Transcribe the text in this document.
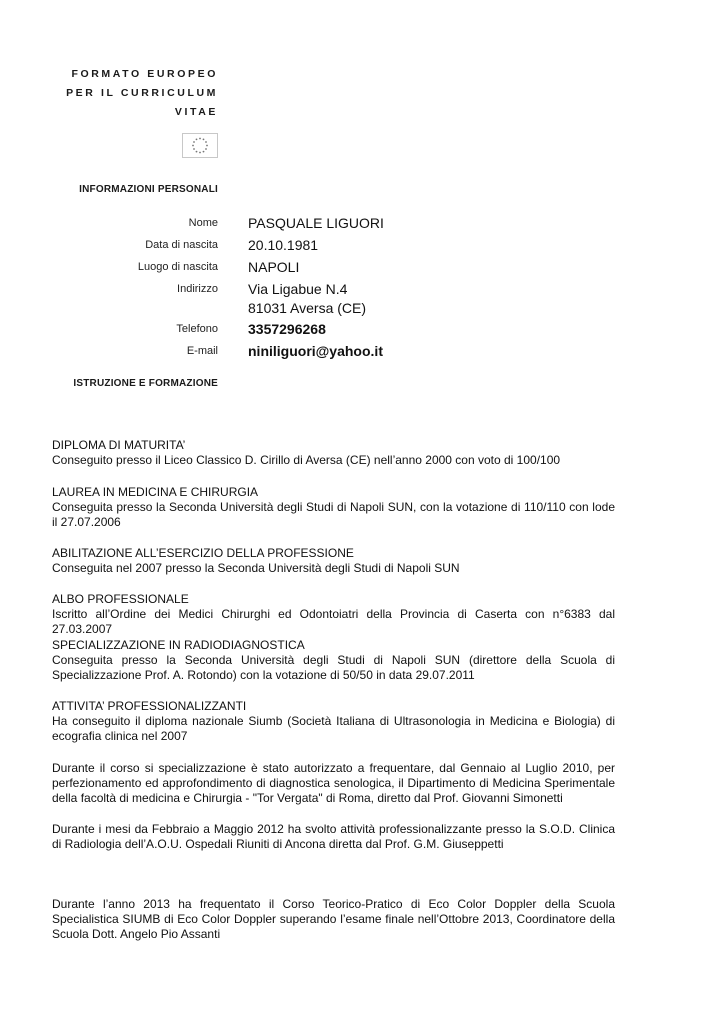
FORMATO EUROPEO
PER IL CURRICULUM
VITAE
INFORMAZIONI PERSONALI
Nome PASQUALE LIGUORI
Data di nascita 20.10.1981
Luogo di nascita NAPOLI
Indirizzo Via Ligabue N.4
81031 Aversa (CE)
Telefono 3357296268
E-mail niniliguori@yahoo.it
ISTRUZIONE E FORMAZIONE
DIPLOMA DI MATURITA’
Conseguito presso il Liceo Classico D. Cirillo di Aversa (CE) nell’anno 2000 con voto di 100/100
LAUREA IN MEDICINA E CHIRURGIA
Conseguita presso la Seconda Università degli Studi di Napoli SUN, con la votazione di 110/110 con lode il 27.07.2006
ABILITAZIONE ALL’ESERCIZIO DELLA PROFESSIONE
Conseguita nel 2007 presso la Seconda Università degli Studi di Napoli SUN
ALBO PROFESSIONALE
Iscritto all’Ordine dei Medici Chirurghi ed Odontoiatri della Provincia di Caserta con n°6383 dal 27.03.2007
SPECIALIZZAZIONE IN RADIODIAGNOSTICA
Conseguita presso la Seconda Università degli Studi di Napoli SUN (direttore della Scuola di Specializzazione Prof. A. Rotondo) con la votazione di 50/50 in data 29.07.2011
ATTIVITA’ PROFESSIONALIZZANTI
Ha conseguito il diploma nazionale Siumb (Società Italiana di Ultrasonologia in Medicina e Biologia) di ecografia clinica nel 2007
Durante il corso si specializzazione è stato autorizzato a frequentare, dal Gennaio al Luglio 2010, per perfezionamento ed approfondimento di diagnostica senologica, il Dipartimento di Medicina Sperimentale della facoltà di medicina e Chirurgia - "Tor Vergata" di Roma, diretto dal Prof. Giovanni Simonetti
Durante i mesi da Febbraio a Maggio 2012 ha svolto attività professionalizzante presso la S.O.D. Clinica di Radiologia dell’A.O.U. Ospedali Riuniti di Ancona diretta dal Prof. G.M. Giuseppetti
Durante l’anno 2013 ha frequentato il Corso Teorico-Pratico di Eco Color Doppler della Scuola Specialistica SIUMB di Eco Color Doppler superando l’esame finale nell’Ottobre 2013, Coordinatore della Scuola Dott. Angelo Pio Assanti
